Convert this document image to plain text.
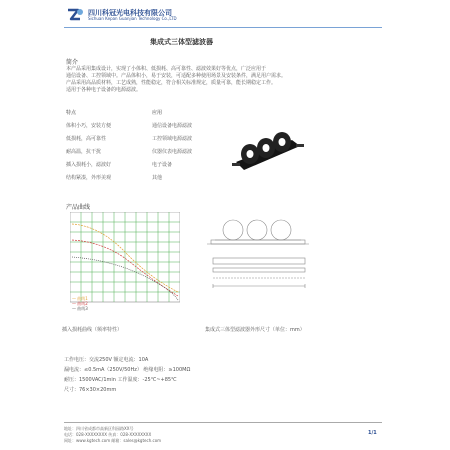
四川科冠光电科技有限公司
Sichuan Kepan Guanjian Technology Co.,LTD
集成式三体型滤波器
简介
本产品采用集成设计，实现了小体积、低损耗、高可靠性、滤波效果好等优点，广泛应用于
通信设备、工控领域中。产品体积小，易于安装，可适配多种使用场景及安装条件，满足用户需求。
产品采用高品质材料，工艺成熟，性能稳定，符合相关标准规定，质量可靠，能长期稳定工作。
适用于各种电子设备的电源滤波。
特点
体积小巧，安装方便
低损耗，高可靠性
耐高温，抗干扰
插入损耗小，滤波好
结构紧凑，外形美观
应用
通信设备电源滤波
工控领域电源滤波
仪器仪表电源滤波
电子设备
其他
产品曲线
— 曲线1
— 曲线2
— 曲线3
插入损耗曲线（频率特性）	集成式三体型滤波器外形尺寸（单位：mm）
工作电压：交流250V 额定电流：10A
漏电流：≤0.5mA（250V/50Hz） 绝缘电阻：≥100MΩ
耐压：1500VAC/1min 工作温度：-25℃~+85℃
尺寸：76×30×20mm
地址：四川省成都市高新区科园路XX号
电话：028-XXXXXXXX 传真：028-XXXXXXXX
网址：www.kgtech.com 邮箱：sales@kgtech.com
1/1
